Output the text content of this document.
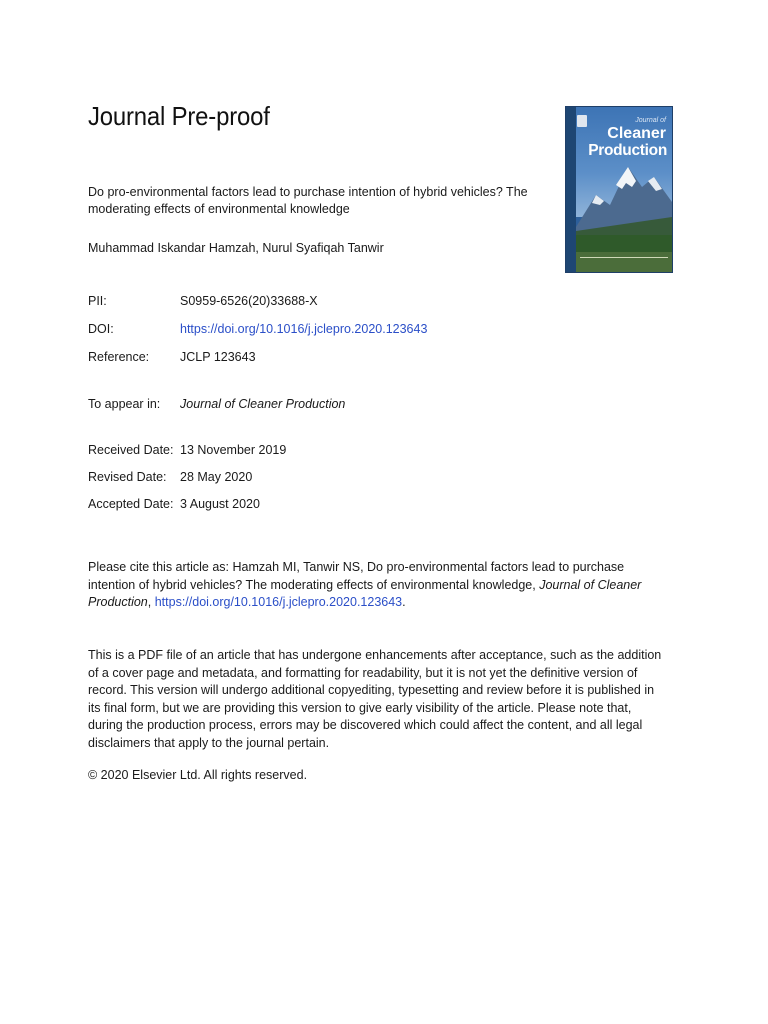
Journal Pre-proof
Do pro-environmental factors lead to purchase intention of hybrid vehicles? The moderating effects of environmental knowledge
Muhammad Iskandar Hamzah, Nurul Syafiqah Tanwir
PII:	S0959-6526(20)33688-X
DOI:	https://doi.org/10.1016/j.jclepro.2020.123643
Reference: JCLP 123643
To appear in: Journal of Cleaner Production
Received Date: 13 November 2019
Revised Date: 28 May 2020
Accepted Date: 3 August 2020
Please cite this article as: Hamzah MI, Tanwir NS, Do pro-environmental factors lead to purchase intention of hybrid vehicles? The moderating effects of environmental knowledge, Journal of Cleaner Production, https://doi.org/10.1016/j.jclepro.2020.123643.
This is a PDF file of an article that has undergone enhancements after acceptance, such as the addition of a cover page and metadata, and formatting for readability, but it is not yet the definitive version of record. This version will undergo additional copyediting, typesetting and review before it is published in its final form, but we are providing this version to give early visibility of the article. Please note that, during the production process, errors may be discovered which could affect the content, and all legal disclaimers that apply to the journal pertain.
© 2020 Elsevier Ltd. All rights reserved.
Journal of
Cleaner
Production
